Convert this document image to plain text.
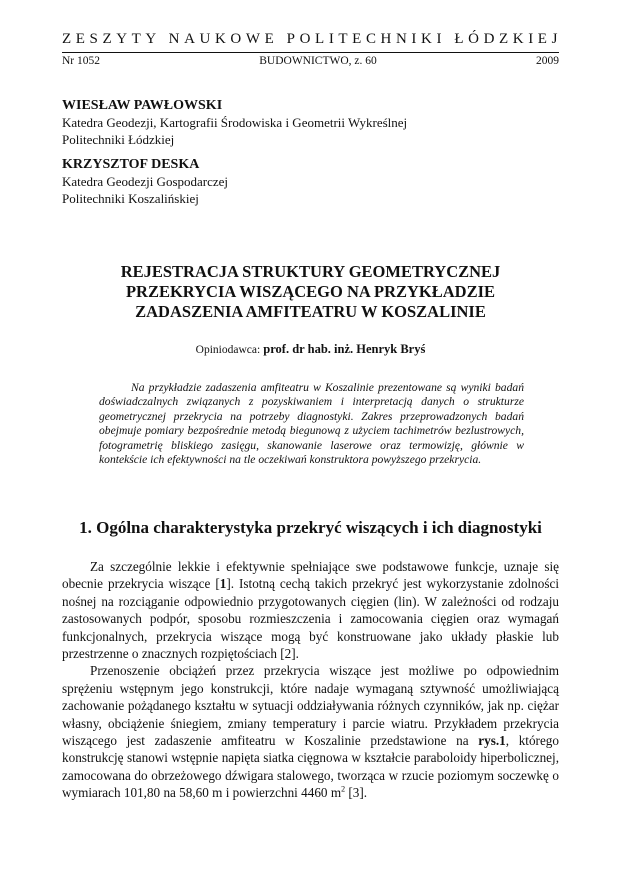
ZESZYTY NAUKOWE POLITECHNIKI ŁÓDZKIEJ
Nr 1052	BUDOWNICTWO, z. 60	2009

WIESŁAW PAWŁOWSKI

Katedra Geodezji, Kartografii Środowiska i Geometrii Wykreślnej

Politechniki Łódzkiej

KRZYSZTOF DESKA

Katedra Geodezji Gospodarczej

Politechniki Koszalińskiej

REJESTRACJA STRUKTURY GEOMETRYCZNEJ
PRZEKRYCIA WISZĄCEGO NA PRZYKŁADZIE
ZADASZENIA AMFITEATRU W KOSZALINIE
Opiniodawca: prof. dr hab. inż. Henryk Bryś

Na przykładzie zadaszenia amfiteatru w Koszalinie prezentowane są wyniki badań doświadczalnych związanych z pozyskiwaniem i interpretacją danych o strukturze geometrycznej przekrycia na potrzeby diagnostyki. Zakres przeprowadzonych badań obejmuje pomiary bezpośrednie metodą biegunową z użyciem tachimetrów bezlustrowych, fotogrametrię bliskiego zasięgu, skanowanie laserowe oraz termowizję, głównie w kontekście ich efektywności na tle oczekiwań konstruktora powyższego przekrycia.

1. Ogólna charakterystyka przekryć wiszących i ich diagnostyki

Za szczególnie lekkie i efektywnie spełniające swe podstawowe funkcje, uznaje się obecnie przekrycia wiszące [1]. Istotną cechą takich przekryć jest wykorzystanie zdolności nośnej na rozciąganie odpowiednio przygotowanych cięgien (lin). W zależności od rodzaju zastosowanych podpór, sposobu rozmieszczenia i zamocowania cięgien oraz wymagań funkcjonalnych, przekrycia wiszące mogą być konstruowane jako układy płaskie lub przestrzenne o znacznych rozpiętościach [2].

Przenoszenie obciążeń przez przekrycia wiszące jest możliwe po odpowiednim sprężeniu wstępnym jego konstrukcji, które nadaje wymaganą sztywność umożliwiającą zachowanie pożądanego kształtu w sytuacji oddziaływania różnych czynników, jak np. ciężar własny, obciążenie śniegiem, zmiany temperatury i parcie wiatru. Przykładem przekrycia wiszącego jest zadaszenie amfiteatru w Koszalinie przedstawione na rys.1, którego konstrukcję stanowi wstępnie napięta siatka cięgnowa w kształcie paraboloidy hiperbolicznej, zamocowana do obrzeżowego dźwigara stalowego, tworząca w rzucie poziomym soczewkę o wymiarach 101,80 na 58,60 m i powierzchni 4460 $m^2$ [3].
